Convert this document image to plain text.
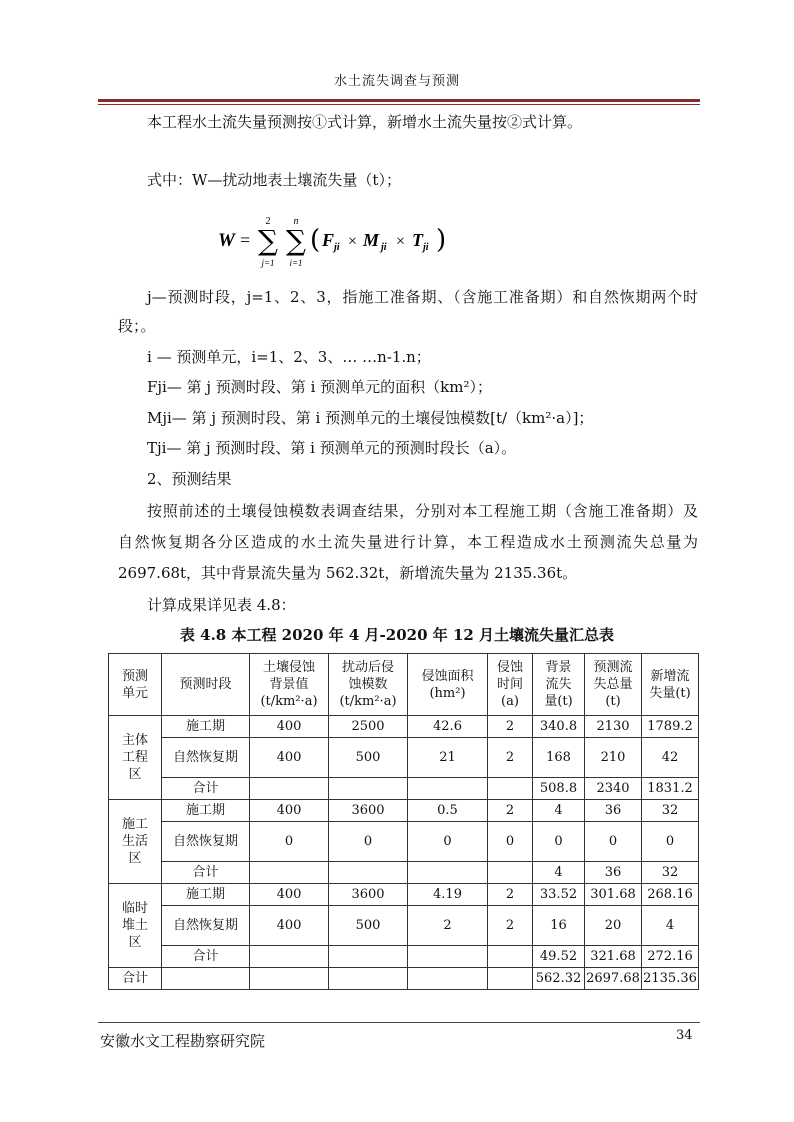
水土流失调查与预测
本工程水土流失量预测按①式计算，新增水土流失量按②式计算。
式中：W—扰动地表土壤流失量（t）；
W =
2
∑
j=1
n
∑
i=1
( F ji × M ji × T ji )
j—预测时段，j=1、2、3，指施工准备期、（含施工准备期）和自然恢期两个时
段；。
i — 预测单元，i=1、2、3、… …n-1.n；
Fji— 第 j 预测时段、第 i 预测单元的面积（km²）；
Mji— 第 j 预测时段、第 i 预测单元的土壤侵蚀模数[t/（km²·a）]；
Tji— 第 j 预测时段、第 i 预测单元的预测时段长（a）。
2、预测结果
按照前述的土壤侵蚀模数表调查结果，分别对本工程施工期（含施工准备期）及
自然恢复期各分区造成的水土流失量进行计算，本工程造成水土预测流失总量为
2697.68t，其中背景流失量为 562.32t，新增流失量为 2135.36t。
计算成果详见表 4.8：
表 4.8 本工程 2020 年 4 月-2020 年 12 月土壤流失量汇总表
预测
单元	预测时段	土壤侵蚀
背景值
(t/km²·a)	扰动后侵
蚀模数
(t/km²·a)	侵蚀面积
(hm²)	侵蚀
时间
(a)	背景
流失
量(t)	预测流
失总量
(t)	新增流
失量(t)
主体
工程
区	施工期	400	2500	42.6	2	340.8	2130	1789.2
	自然恢复期	400	500	21	2	168	210	42
	合计					508.8	2340	1831.2
施工
生活
区	施工期	400	3600	0.5	2	4	36	32
	自然恢复期	0	0	0	0	0	0	0
	合计					4	36	32
临时
堆土
区	施工期	400	3600	4.19	2	33.52	301.68	268.16
	自然恢复期	400	500	2	2	16	20	4
	合计					49.52	321.68	272.16
合计						562.32	2697.68	2135.36
安徽水文工程勘察研究院	34
